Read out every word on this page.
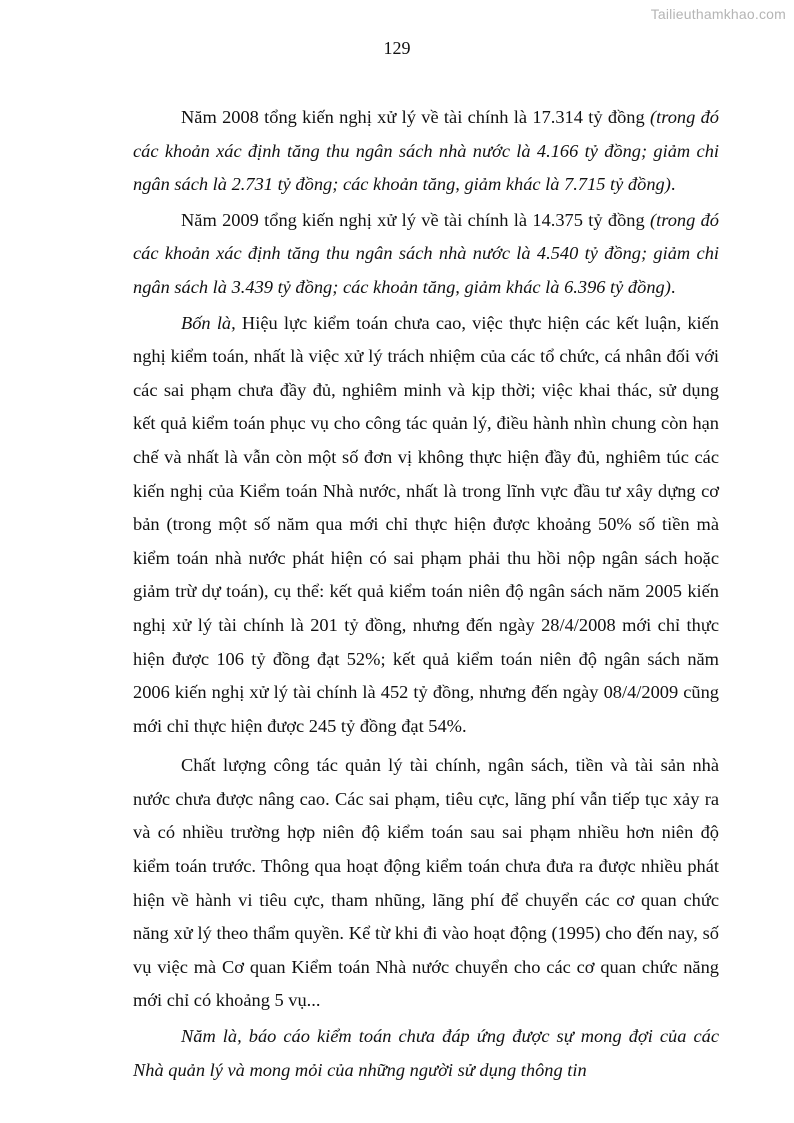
Tailieuthamkhao.com
129

Năm 2008 tổng kiến nghị xử lý về tài chính là 17.314 tỷ đồng (trong đó các khoản xác định tăng thu ngân sách nhà nước là 4.166 tỷ đồng; giảm chi ngân sách là 2.731 tỷ đồng; các khoản tăng, giảm khác là 7.715 tỷ đồng).

Năm 2009 tổng kiến nghị xử lý về tài chính là 14.375 tỷ đồng (trong đó các khoản xác định tăng thu ngân sách nhà nước là 4.540 tỷ đồng; giảm chi ngân sách là 3.439 tỷ đồng; các khoản tăng, giảm khác là 6.396 tỷ đồng).

Bốn là, Hiệu lực kiểm toán chưa cao, việc thực hiện các kết luận, kiến nghị kiểm toán, nhất là việc xử lý trách nhiệm của các tổ chức, cá nhân đối với các sai phạm chưa đầy đủ, nghiêm minh và kịp thời; việc khai thác, sử dụng kết quả kiểm toán phục vụ cho công tác quản lý, điều hành nhìn chung còn hạn chế và nhất là vẫn còn một số đơn vị không thực hiện đầy đủ, nghiêm túc các kiến nghị của Kiểm toán Nhà nước, nhất là trong lĩnh vực đầu tư xây dựng cơ bản (trong một số năm qua mới chỉ thực hiện được khoảng 50% số tiền mà kiểm toán nhà nước phát hiện có sai phạm phải thu hồi nộp ngân sách hoặc giảm trừ dự toán), cụ thể: kết quả kiểm toán niên độ ngân sách năm 2005 kiến nghị xử lý tài chính là 201 tỷ đồng, nhưng đến ngày 28/4/2008 mới chỉ thực hiện được 106 tỷ đồng đạt 52%; kết quả kiểm toán niên độ ngân sách năm 2006 kiến nghị xử lý tài chính là 452 tỷ đồng, nhưng đến ngày 08/4/2009 cũng mới chỉ thực hiện được 245 tỷ đồng đạt 54%.

Chất lượng công tác quản lý tài chính, ngân sách, tiền và tài sản nhà nước chưa được nâng cao. Các sai phạm, tiêu cực, lãng phí vẫn tiếp tục xảy ra và có nhiều trường hợp niên độ kiểm toán sau sai phạm nhiều hơn niên độ kiểm toán trước. Thông qua hoạt động kiểm toán chưa đưa ra được nhiều phát hiện về hành vi tiêu cực, tham nhũng, lãng phí để chuyển các cơ quan chức năng xử lý theo thẩm quyền. Kể từ khi đi vào hoạt động (1995) cho đến nay, số vụ việc mà Cơ quan Kiểm toán Nhà nước chuyển cho các cơ quan chức năng mới chỉ có khoảng 5 vụ...

Năm là, báo cáo kiểm toán chưa đáp ứng được sự mong đợi của các Nhà quản lý và mong mỏi của những người sử dụng thông tin
